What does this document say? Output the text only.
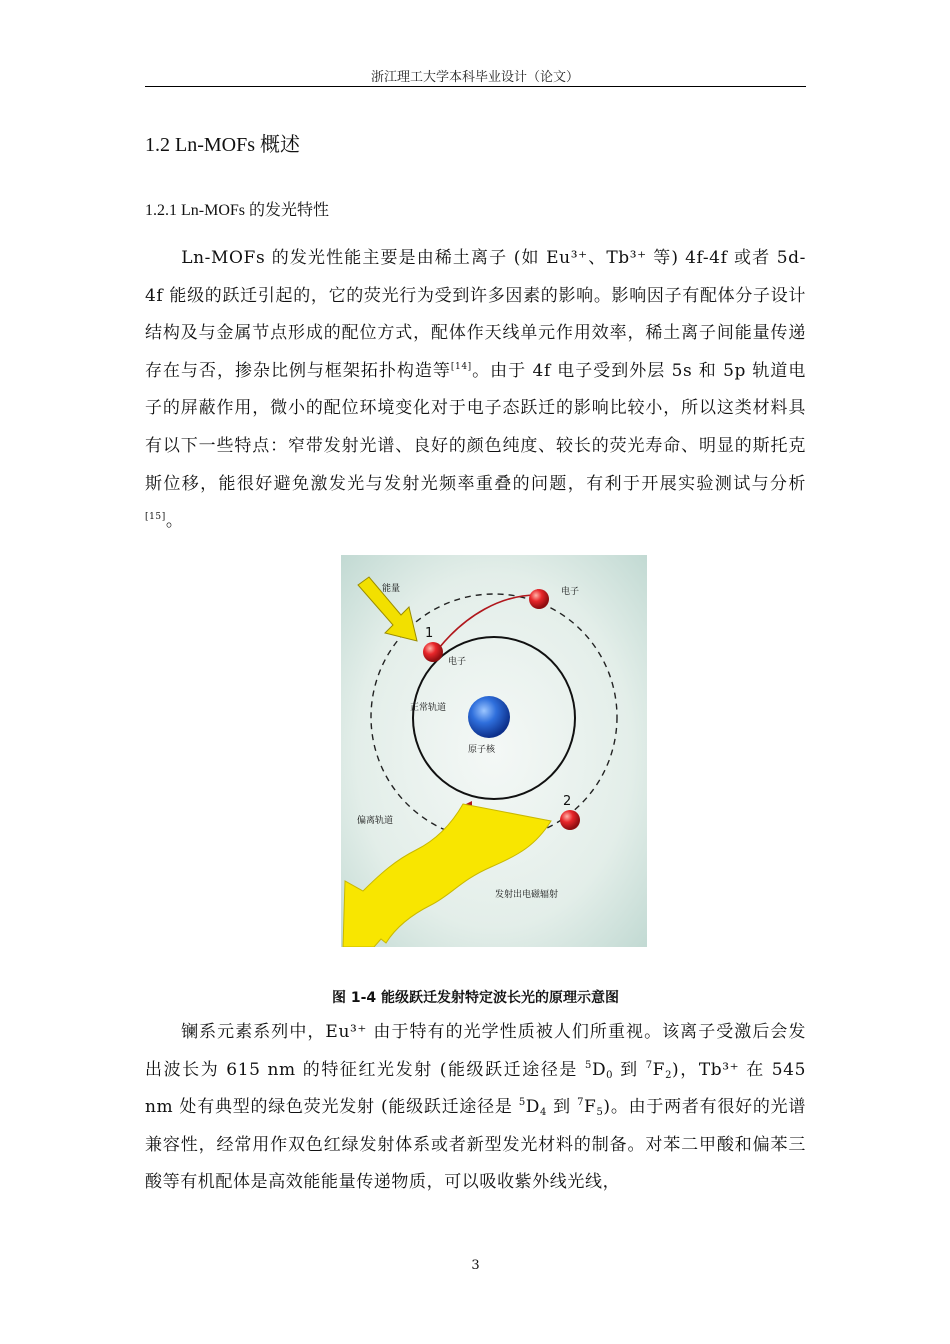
浙江理工大学本科毕业设计（论文）
1.2 Ln-MOFs 概述
1.2.1 Ln-MOFs 的发光特性
　　Ln-MOFs 的发光性能主要是由稀土离子 (如 Eu³⁺、Tb³⁺ 等) 4f-4f 或者 5d-4f 能级的跃迁引起的，它的荧光行为受到许多因素的影响。影响因子有配体分子设计结构及与金属节点形成的配位方式，配体作天线单元作用效率，稀土离子间能量传递存在与否，掺杂比例与框架拓扑构造等[14]。由于 4f 电子受到外层 5s 和 5p 轨道电子的屏蔽作用，微小的配位环境变化对于电子态跃迁的影响比较小，所以这类材料具有以下一些特点：窄带发射光谱、良好的颜色纯度、较长的荧光寿命、明显的斯托克斯位移，能很好避免激发光与发射光频率重叠的问题，有利于开展实验测试与分析[15]。
能量	电子
1
电子
正常轨道
原子核
2
偏离轨道
发射出电磁辐射
图 1-4 能级跃迁发射特定波长光的原理示意图
　　镧系元素系列中，Eu³⁺ 由于特有的光学性质被人们所重视。该离子受激后会发出波长为 615 nm 的特征红光发射 (能级跃迁途径是 $^5D_0$ 到 $^7F_2$)，Tb³⁺ 在 545 nm 处有典型的绿色荧光发射 (能级跃迁途径是 $^5D_4$ 到 $^7F_5$)。由于两者有很好的光谱兼容性，经常用作双色红绿发射体系或者新型发光材料的制备。对苯二甲酸和偏苯三酸等有机配体是高效能能量传递物质，可以吸收紫外线光线，
3
